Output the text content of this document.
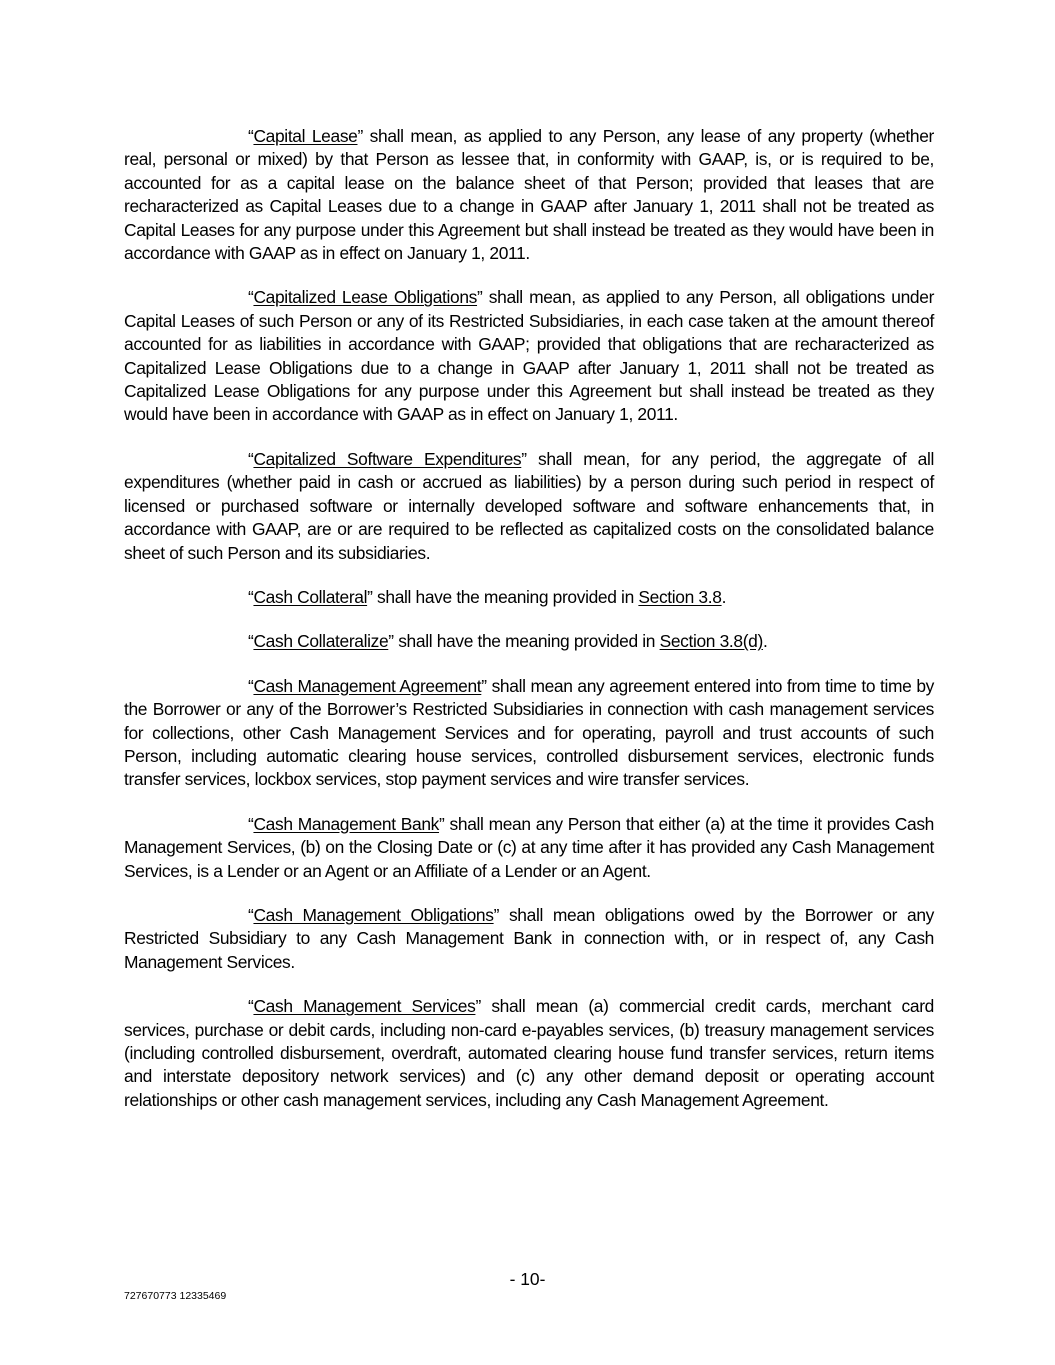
“Capital Lease” shall mean, as applied to any Person, any lease of any property (whether real, personal or mixed) by that Person as lessee that, in conformity with GAAP, is, or is required to be, accounted for as a capital lease on the balance sheet of that Person; provided that leases that are recharacterized as Capital Leases due to a change in GAAP after January 1, 2011 shall not be treated as Capital Leases for any purpose under this Agreement but shall instead be treated as they would have been in accordance with GAAP as in effect on January 1, 2011.

“Capitalized Lease Obligations” shall mean, as applied to any Person, all obligations under Capital Leases of such Person or any of its Restricted Subsidiaries, in each case taken at the amount thereof accounted for as liabilities in accordance with GAAP; provided that obligations that are recharacterized as Capitalized Lease Obligations due to a change in GAAP after January 1, 2011 shall not be treated as Capitalized Lease Obligations for any purpose under this Agreement but shall instead be treated as they would have been in accordance with GAAP as in effect on January 1, 2011.

“Capitalized Software Expenditures” shall mean, for any period, the aggregate of all expenditures (whether paid in cash or accrued as liabilities) by a person during such period in respect of licensed or purchased software or internally developed software and software enhancements that, in accordance with GAAP, are or are required to be reflected as capitalized costs on the consolidated balance sheet of such Person and its subsidiaries.

“Cash Collateral” shall have the meaning provided in Section 3.8.

“Cash Collateralize” shall have the meaning provided in Section 3.8(d).

“Cash Management Agreement” shall mean any agreement entered into from time to time by the Borrower or any of the Borrower’s Restricted Subsidiaries in connection with cash management services for collections, other Cash Management Services and for operating, payroll and trust accounts of such Person, including automatic clearing house services, controlled disbursement services, electronic funds transfer services, lockbox services, stop payment services and wire transfer services.

“Cash Management Bank” shall mean any Person that either (a) at the time it provides Cash Management Services, (b) on the Closing Date or (c) at any time after it has provided any Cash Management Services, is a Lender or an Agent or an Affiliate of a Lender or an Agent.

“Cash Management Obligations” shall mean obligations owed by the Borrower or any Restricted Subsidiary to any Cash Management Bank in connection with, or in respect of, any Cash Management Services.

“Cash Management Services” shall mean (a) commercial credit cards, merchant card services, purchase or debit cards, including non-card e-payables services, (b) treasury management services (including controlled disbursement, overdraft, automated clearing house fund transfer services, return items and interstate depository network services) and (c) any other demand deposit or operating account relationships or other cash management services, including any Cash Management Agreement.

- 10-
727670773 12335469
